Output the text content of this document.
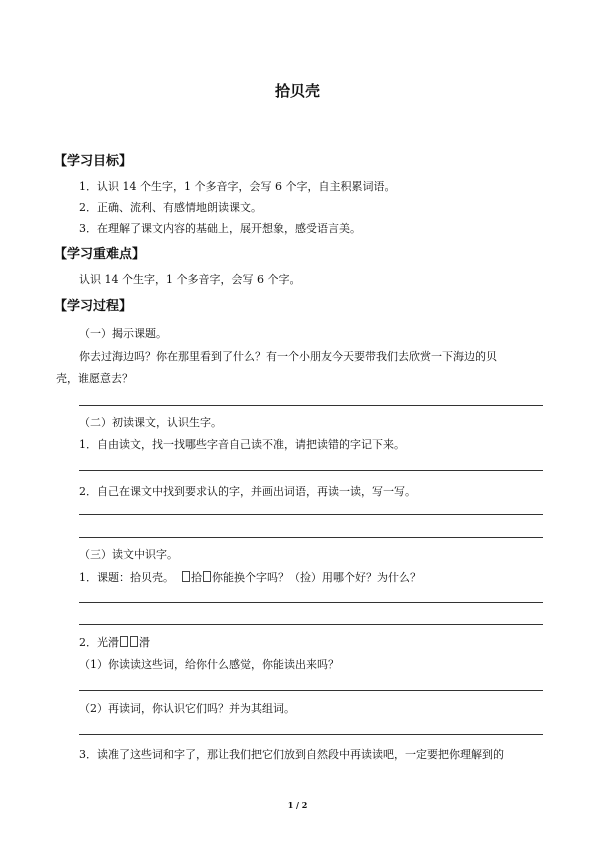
拾贝壳
【学习目标】
1．认识 14 个生字，1 个多音字，会写 6 个字，自主积累词语。
2．正确、流利、有感情地朗读课文。
3．在理解了课文内容的基础上，展开想象，感受语言美。
【学习重难点】
认识 14 个生字，1 个多音字，会写 6 个字。
【学习过程】
（一）揭示课题。
你去过海边吗？你在那里看到了什么？有一个小朋友今天要带我们去欣赏一下海边的贝
壳，谁愿意去？
（二）初读课文，认识生字。
1．自由读文，找一找哪些字音自己读不准，请把读错的字记下来。
2．自己在课文中找到要求认的字，并画出词语，再读一读，写一写。
（三）读文中识字。
1．课题：拾贝壳。 拾 你能换个字吗？（捡）用哪个好？为什么？
2．光滑 滑
（1）你读读这些词，给你什么感觉，你能读出来吗？
（2）再读词，你认识它们吗？并为其组词。
3．读准了这些词和字了，那让我们把它们放到自然段中再读读吧，一定要把你理解到的
1 / 2
